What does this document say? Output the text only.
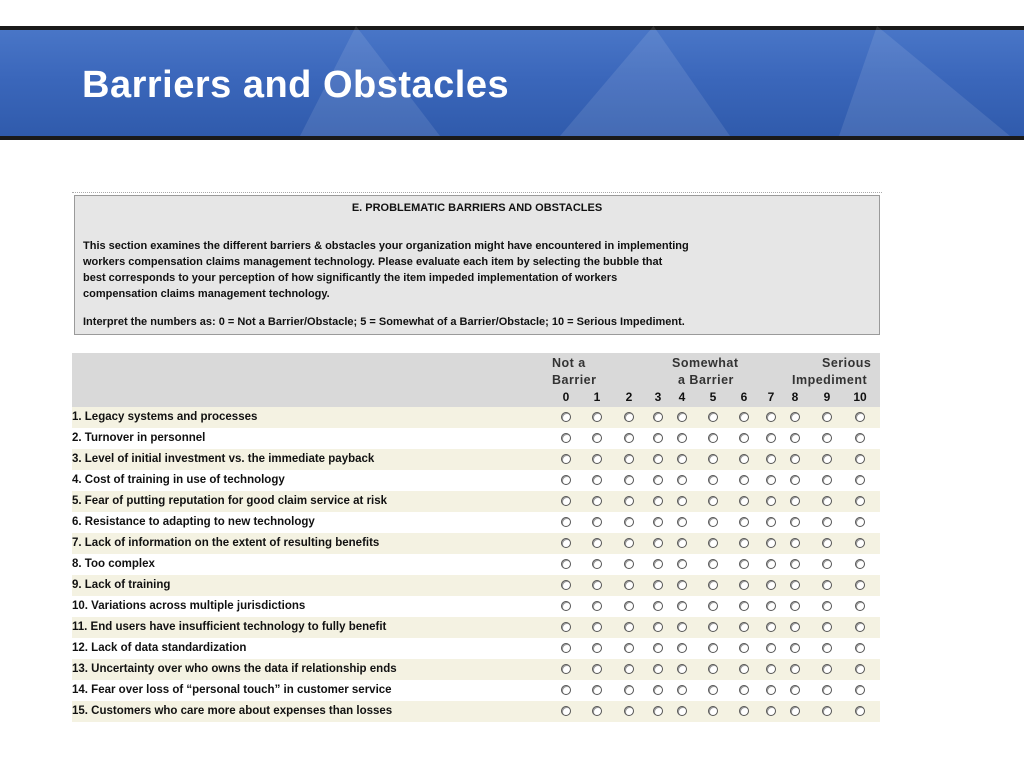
Barriers and Obstacles
E. PROBLEMATIC BARRIERS AND OBSTACLES
This section examines the different barriers & obstacles your organization might have encountered in implementing
workers compensation claims management technology. Please evaluate each item by selecting the bubble that
best corresponds to your perception of how significantly the item impeded implementation of workers
compensation claims management technology.
Interpret the numbers as: 0 = Not a Barrier/Obstacle; 5 = Somewhat of a Barrier/Obstacle; 10 = Serious Impediment.
Not a
Barrier
Somewhat
a Barrier
Serious
Impediment
0	1	2	3	4	5	6	7	8	9	10
1. Legacy systems and processes
2. Turnover in personnel
3. Level of initial investment vs. the immediate payback
4. Cost of training in use of technology
5. Fear of putting reputation for good claim service at risk
6. Resistance to adapting to new technology
7. Lack of information on the extent of resulting benefits
8. Too complex
9. Lack of training
10. Variations across multiple jurisdictions
11. End users have insufficient technology to fully benefit
12. Lack of data standardization
13. Uncertainty over who owns the data if relationship ends
14. Fear over loss of “personal touch” in customer service
15. Customers who care more about expenses than losses
